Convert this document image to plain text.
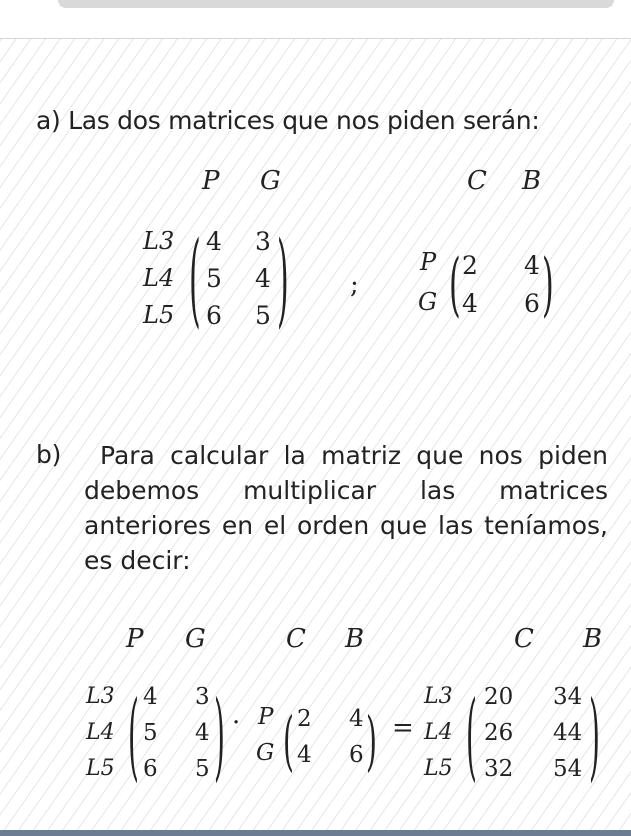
a) Las dos matrices que nos piden serán:
P G
L3
L4
L5 ( 4 3
5 4
6 5 ) ;
C B
P
G ( 2 4
4 6 )
b)	Para calcular la matriz que nos piden debemos multiplicar las matrices anteriores en el orden que las teníamos, es decir:
P G
L3
L4
L5 ( 4 3
5 4
6 5 ) ·
C B
P
G ( 2 4
4 6 ) =
C B
L3
L4
L5 ( 20 34
26 44
32 54 )
